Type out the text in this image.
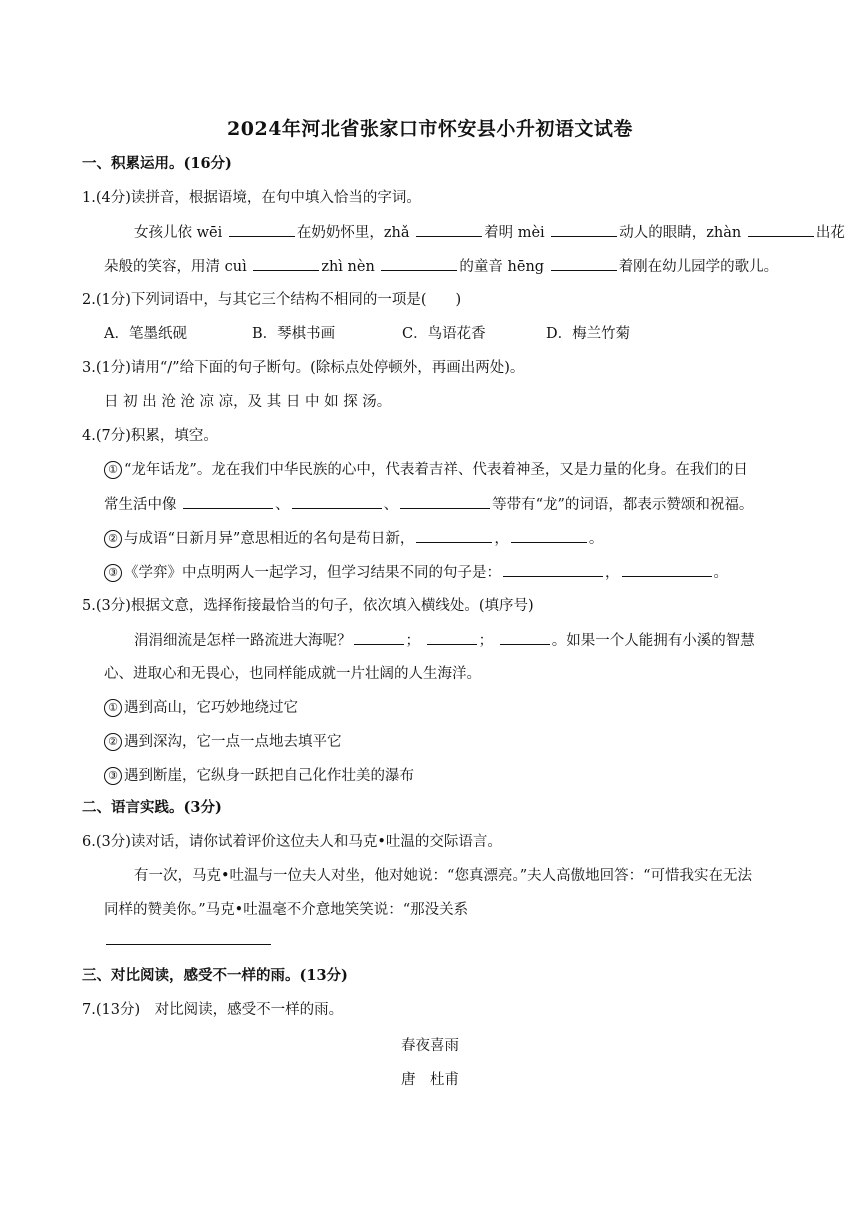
2024年河北省张家口市怀安县小升初语文试卷
一、积累运用。(16分)
1.(4分)读拼音，根据语境，在句中填入恰当的字词。
女孩儿依 wēi	在奶奶怀里，zhǎ	着明 mèi	动人的眼睛，zhàn	出花
朵般的笑容，用清 cuì	zhì nèn	的童音 hēng	着刚在幼儿园学的歌儿。
2.(1分)下列词语中，与其它三个结构不相同的一项是(　　)
A．笔墨纸砚	B．琴棋书画	C．鸟语花香	D．梅兰竹菊
3.(1分)请用“/”给下面的句子断句。(除标点处停顿外，再画出两处)。
日 初 出 沧 沧 凉 凉，及 其 日 中 如 探 汤。
4.(7分)积累，填空。
① “龙年话龙”。龙在我们中华民族的心中，代表着吉祥、代表着神圣，又是力量的化身。在我们的日
常生活中像	、	、	等带有“龙”的词语，都表示赞颂和祝福。
② 与成语“日新月异”意思相近的名句是苟日新，	，	。
③ 《学弈》中点明两人一起学习，但学习结果不同的句子是：	，	。
5.(3分)根据文意，选择衔接最恰当的句子，依次填入横线处。(填序号)
涓涓细流是怎样一路流进大海呢？	；	；	。如果一个人能拥有小溪的智慧
心、进取心和无畏心，也同样能成就一片壮阔的人生海洋。
① 遇到高山，它巧妙地绕过它
② 遇到深沟，它一点一点地去填平它
③ 遇到断崖，它纵身一跃把自己化作壮美的瀑布
二、语言实践。(3分)
6.(3分)读对话，请你试着评价这位夫人和马克•吐温的交际语言。
有一次，马克•吐温与一位夫人对坐，他对她说：“您真漂亮。”夫人高傲地回答：“可惜我实在无法
同样的赞美你。”马克•吐温毫不介意地笑笑说：“那没关系
三、对比阅读，感受不一样的雨。(13分)
7.(13分)　对比阅读，感受不一样的雨。
春夜喜雨
唐　杜甫
